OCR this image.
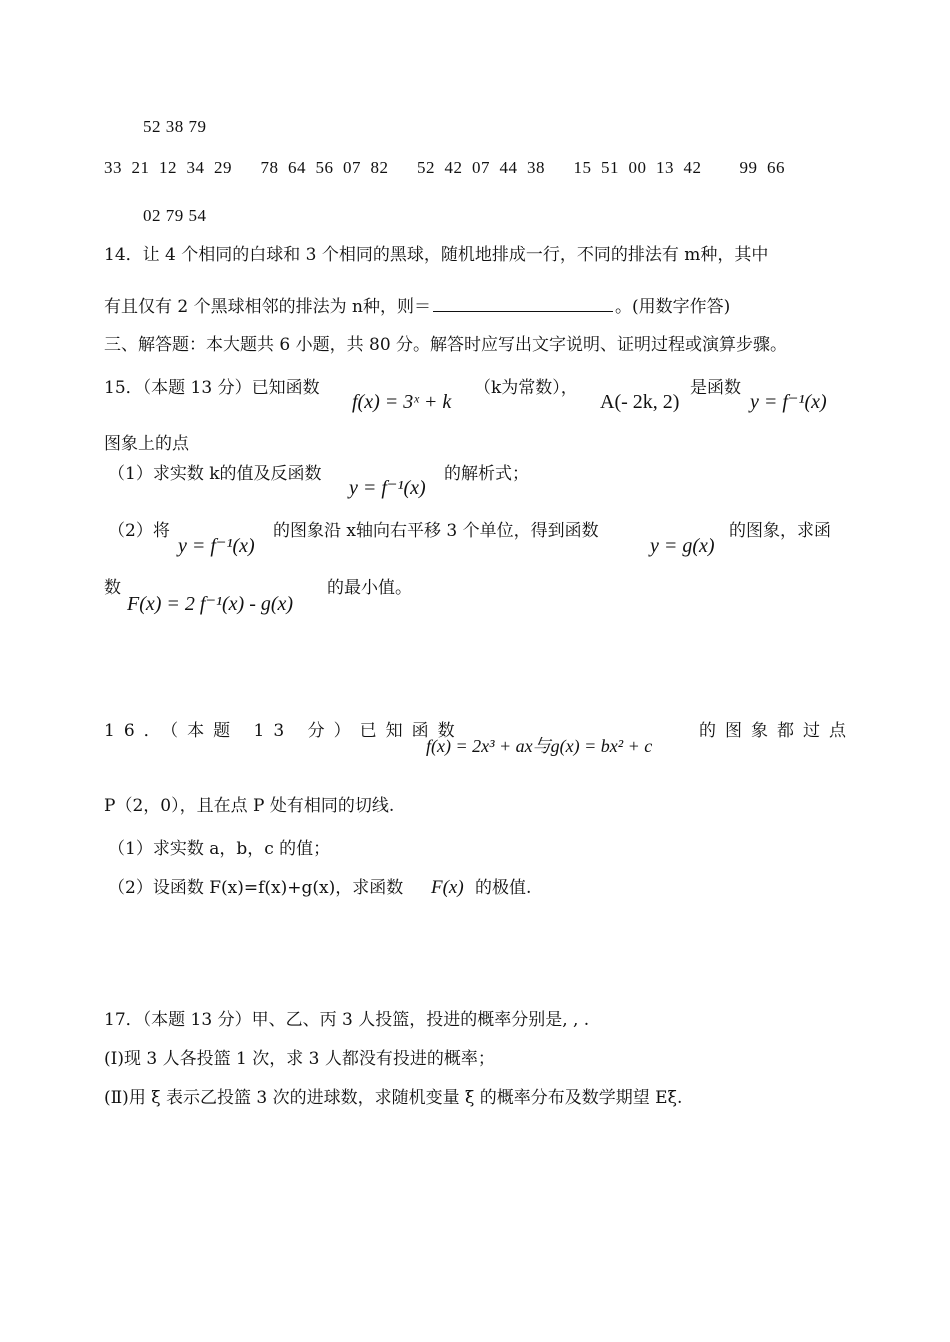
52 38 79
33  21  12  34  29      78  64  56  07  82      52  42  07  44  38      15  51  00  13  42        99  66
02 79 54
14．让 4 个相同的白球和 3 个相同的黑球，随机地排成一行，不同的排法有 m种，其中
有且仅有 2 个黑球相邻的排法为 n种，则＝	。(用数字作答)
三、解答题：本大题共 6 小题，共 80 分。解答时应写出文字说明、证明过程或演算步骤。
15．（本题 13 分）已知函数
f(x) = 3ˣ + k
（k为常数），
A(- 2k, 2)
是函数
y = f⁻¹(x)
图象上的点
（1）求实数 k的值及反函数
y = f⁻¹(x)
的解析式；
（2）将
y = f⁻¹(x)
的图象沿 x轴向右平移 3 个单位，得到函数
y = g(x)
的图象，求函
数
F(x) = 2 f⁻¹(x) - g(x)
的最小值。
16．（本题 13 分）已知函数
f(x) = 2x³ + ax与g(x) = bx² + c
的图象都过点
P（2，0），且在点 P 处有相同的切线.
（1）求实数 a，b，c 的值；
（2）设函数 F(x)=f(x)+g(x)，求函数 F(x) 的极值.
17．（本题 13 分）甲、乙、丙 3 人投篮，投进的概率分别是, , .
(Ⅰ)现 3 人各投篮 1 次，求 3 人都没有投进的概率；
(Ⅱ)用 ξ 表示乙投篮 3 次的进球数，求随机变量 ξ 的概率分布及数学期望 Eξ.
